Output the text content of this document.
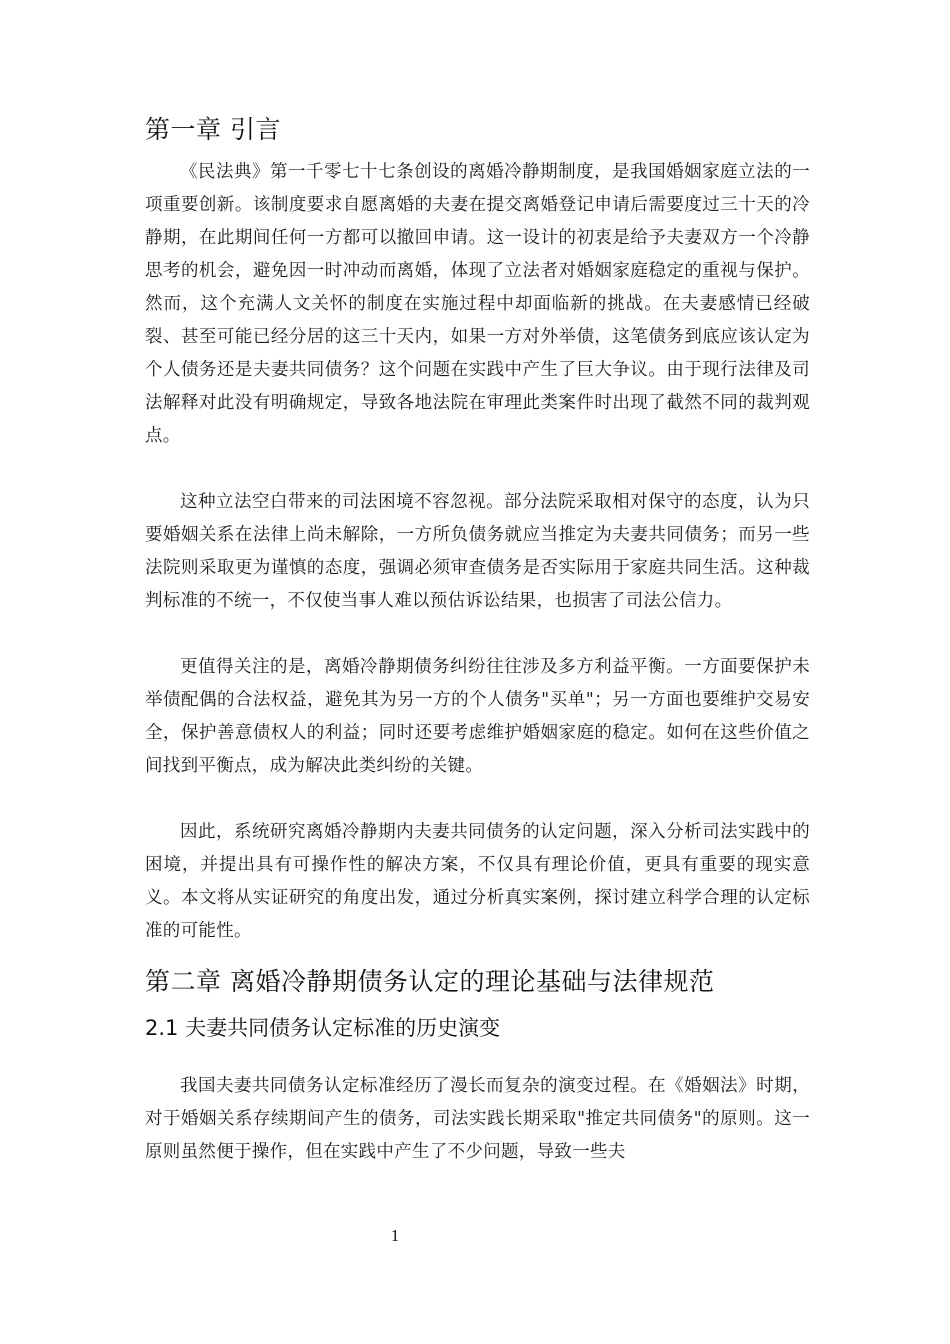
第一章 引言

《民法典》第一千零七十七条创设的离婚冷静期制度，是我国婚姻家庭立法的一项重要创新。该制度要求自愿离婚的夫妻在提交离婚登记申请后需要度过三十天的冷静期，在此期间任何一方都可以撤回申请。这一设计的初衷是给予夫妻双方一个冷静思考的机会，避免因一时冲动而离婚，体现了立法者对婚姻家庭稳定的重视与保护。然而，这个充满人文关怀的制度在实施过程中却面临新的挑战。在夫妻感情已经破裂、甚至可能已经分居的这三十天内，如果一方对外举债，这笔债务到底应该认定为个人债务还是夫妻共同债务？这个问题在实践中产生了巨大争议。由于现行法律及司法解释对此没有明确规定，导致各地法院在审理此类案件时出现了截然不同的裁判观点。

这种立法空白带来的司法困境不容忽视。部分法院采取相对保守的态度，认为只要婚姻关系在法律上尚未解除，一方所负债务就应当推定为夫妻共同债务；而另一些法院则采取更为谨慎的态度，强调必须审查债务是否实际用于家庭共同生活。这种裁判标准的不统一，不仅使当事人难以预估诉讼结果，也损害了司法公信力。

更值得关注的是，离婚冷静期债务纠纷往往涉及多方利益平衡。一方面要保护未举债配偶的合法权益，避免其为另一方的个人债务"买单"；另一方面也要维护交易安全，保护善意债权人的利益；同时还要考虑维护婚姻家庭的稳定。如何在这些价值之间找到平衡点，成为解决此类纠纷的关键。

因此，系统研究离婚冷静期内夫妻共同债务的认定问题，深入分析司法实践中的困境，并提出具有可操作性的解决方案，不仅具有理论价值，更具有重要的现实意义。本文将从实证研究的角度出发，通过分析真实案例，探讨建立科学合理的认定标准的可能性。

第二章 离婚冷静期债务认定的理论基础与法律规范
2.1 夫妻共同债务认定标准的历史演变

我国夫妻共同债务认定标准经历了漫长而复杂的演变过程。在《婚姻法》时期，对于婚姻关系存续期间产生的债务，司法实践长期采取"推定共同债务"的原则。这一原则虽然便于操作，但在实践中产生了不少问题，导致一些夫

1
